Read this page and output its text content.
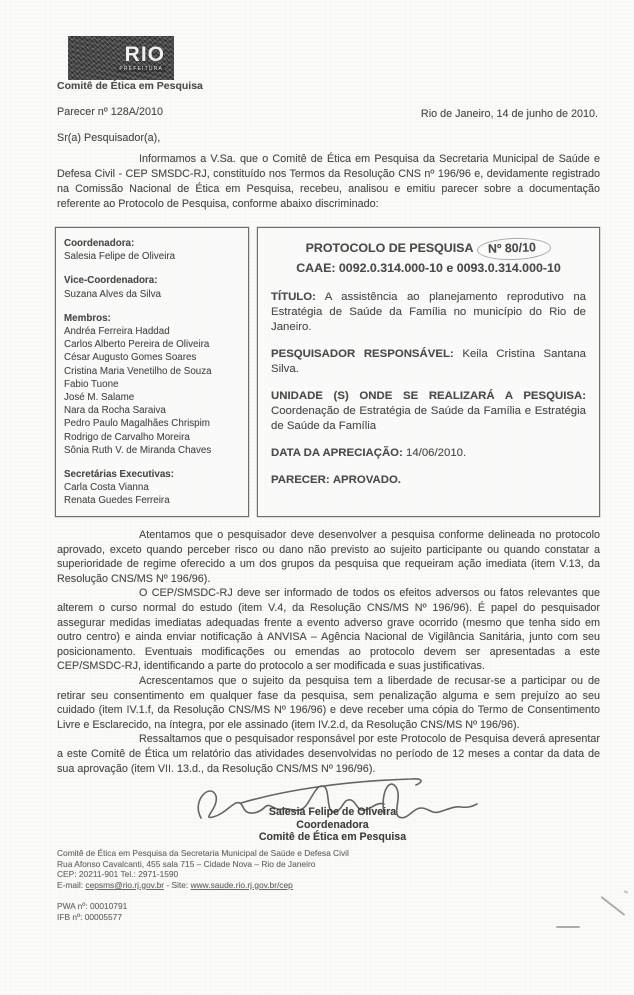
RIO
PREFEITURA
Comitê de Ética em Pesquisa
Parecer nº 128A/2010	Rio de Janeiro, 14 de junho de 2010.
Sr(a) Pesquisador(a),
Informamos a V.Sa. que o Comitê de Ética em Pesquisa da Secretaria Municipal de Saúde e Defesa Civil - CEP SMSDC-RJ, constituído nos Termos da Resolução CNS nº 196/96 e, devidamente registrado na Comissão Nacional de Ética em Pesquisa, recebeu, analisou e emitiu parecer sobre a documentação referente ao Protocolo de Pesquisa, conforme abaixo discriminado:
Coordenadora:
Salesia Felipe de Oliveira
Vice-Coordenadora:
Suzana Alves da Silva
Membros:
Andréa Ferreira Haddad
Carlos Alberto Pereira de Oliveira
César Augusto Gomes Soares
Cristina Maria Venetilho de Souza
Fabio Tuone
José M. Salame
Nara da Rocha Saraiva
Pedro Paulo Magalhães Chrispim
Rodrigo de Carvalho Moreira
Sônia Ruth V. de Miranda Chaves
Secretárias Executivas:
Carla Costa Vianna
Renata Guedes Ferreira
PROTOCOLO DE PESQUISA Nº 80/10
CAAE: 0092.0.314.000-10 e 0093.0.314.000-10
TÍTULO: A assistência ao planejamento reprodutivo na Estratégia de Saúde da Família no município do Rio de Janeiro.
PESQUISADOR RESPONSÁVEL: Keila Cristina Santana Silva.
UNIDADE (S) ONDE SE REALIZARÁ A PESQUISA: Coordenação de Estratégia de Saúde da Família e Estratégia de Saúde da Família
DATA DA APRECIAÇÃO: 14/06/2010.
PARECER: APROVADO.

Atentamos que o pesquisador deve desenvolver a pesquisa conforme delineada no protocolo aprovado, exceto quando perceber risco ou dano não previsto ao sujeito participante ou quando constatar a superioridade de regime oferecido a um dos grupos da pesquisa que requeiram ação imediata (item V.13, da Resolução CNS/MS Nº 196/96).

O CEP/SMSDC-RJ deve ser informado de todos os efeitos adversos ou fatos relevantes que alterem o curso normal do estudo (item V.4, da Resolução CNS/MS Nº 196/96). É papel do pesquisador assegurar medidas imediatas adequadas frente a evento adverso grave ocorrido (mesmo que tenha sido em outro centro) e ainda enviar notificação à ANVISA – Agência Nacional de Vigilância Sanitária, junto com seu posicionamento. Eventuais modificações ou emendas ao protocolo devem ser apresentadas a este CEP/SMSDC-RJ, identificando a parte do protocolo a ser modificada e suas justificativas.

Acrescentamos que o sujeito da pesquisa tem a liberdade de recusar-se a participar ou de retirar seu consentimento em qualquer fase da pesquisa, sem penalização alguma e sem prejuízo ao seu cuidado (item IV.1.f, da Resolução CNS/MS Nº 196/96) e deve receber uma cópia do Termo de Consentimento Livre e Esclarecido, na íntegra, por ele assinado (item IV.2.d, da Resolução CNS/MS Nº 196/96).

Ressaltamos que o pesquisador responsável por este Protocolo de Pesquisa deverá apresentar a este Comitê de Ética um relatório das atividades desenvolvidas no período de 12 meses a contar da data de sua aprovação (item VII. 13.d., da Resolução CNS/MS Nº 196/96).

Salesia Felipe de Oliveira
Coordenadora
Comitê de Ética em Pesquisa
Comitê de Ética em Pesquisa da Secretaria Municipal de Saúde e Defesa Civil
Rua Afonso Cavalcanti, 455 sala 715 – Cidade Nova – Rio de Janeiro
CEP: 20211-901 Tel.: 2971-1590
E-mail: cepsms@rio.rj.gov.br - Site: www.saude.rio.rj.gov.br/cep
PWA nº: 00010791
IFB nº: 00005577
